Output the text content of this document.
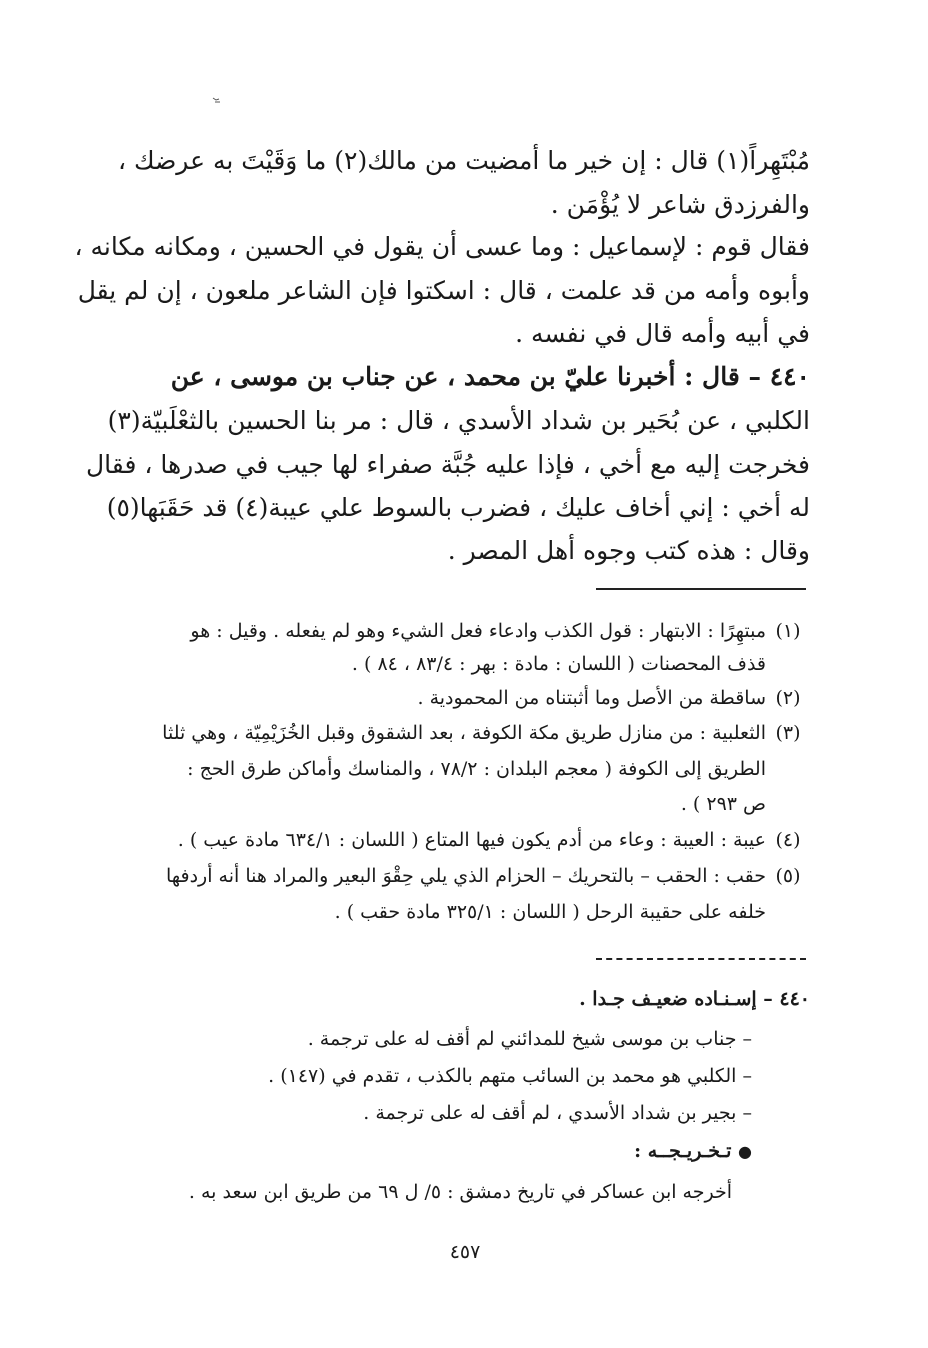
مُبْتَهِراً(١) قال : إن خير ما أمضيت من مالك(٢) ما وَقَيْتَ به عرضك ،
والفرزدق شاعر لا يُؤْمَن .
فقال قوم : لإسماعيل : وما عسى أن يقول في الحسين ، ومكانه مكانه ،
وأبوه وأمه من قد علمت ، قال : اسكتوا فإن الشاعر ملعون ، إن لم يقل
في أبيه وأمه قال في نفسه .
٤٤٠ – قال : أخبرنا عليّ بن محمد ، عن جناب بن موسى ، عن
الكلبي ، عن بُحَير بن شداد الأسدي ، قال : مر بنا الحسين بالثعْلَبيّة(٣)
فخرجت إليه مع أخي ، فإذا عليه جُبَّة صفراء لها جيب في صدرها ، فقال
له أخي : إني أخاف عليك ، فضرب بالسوط علي عيبة(٤) قد حَقَبَها(٥)
وقال : هذه كتب وجوه أهل المصر .
(١)مبتهِرًا : الابتهار : قول الكذب وادعاء فعل الشيء وهو لم يفعله . وقيل : هو
قذف المحصنات ( اللسان : مادة : بهر : ٨٣/٤ ، ٨٤ ) .
(٢)ساقطة من الأصل وما أثبتناه من المحمودية .
(٣)الثعلبية : من منازل طريق مكة الكوفة ، بعد الشقوق وقبل الخُزَيْمِيّة ، وهي ثلثا
الطريق إلى الكوفة ( معجم البلدان : ٧٨/٢ ، والمناسك وأماكن طرق الحج :
ص ٢٩٣ ) .
(٤)عيبة : العيبة : وعاء من أدم يكون فيها المتاع ( اللسان : ٦٣٤/١ مادة عيب ) .
(٥)حقب : الحقب – بالتحريك – الحزام الذي يلي حِقْوَ البعير والمراد هنا أنه أردفها
خلفه على حقيبة الرحل ( اللسان : ٣٢٥/١ مادة حقب ) .
٤٤٠ – إسـنـاده ضعيـف جـدا .
– جناب بن موسى شيخ للمدائني لم أقف له على ترجمة .
– الكلبي هو محمد بن السائب متهم بالكذب ، تقدم في (١٤٧) .
– بجير بن شداد الأسدي ، لم أقف له على ترجمة .
● تـخـريـجــه :
أخرجه ابن عساكر في تاريخ دمشق : ٥/ ل ٦٩ من طريق ابن سعد به .
٤٥٧
